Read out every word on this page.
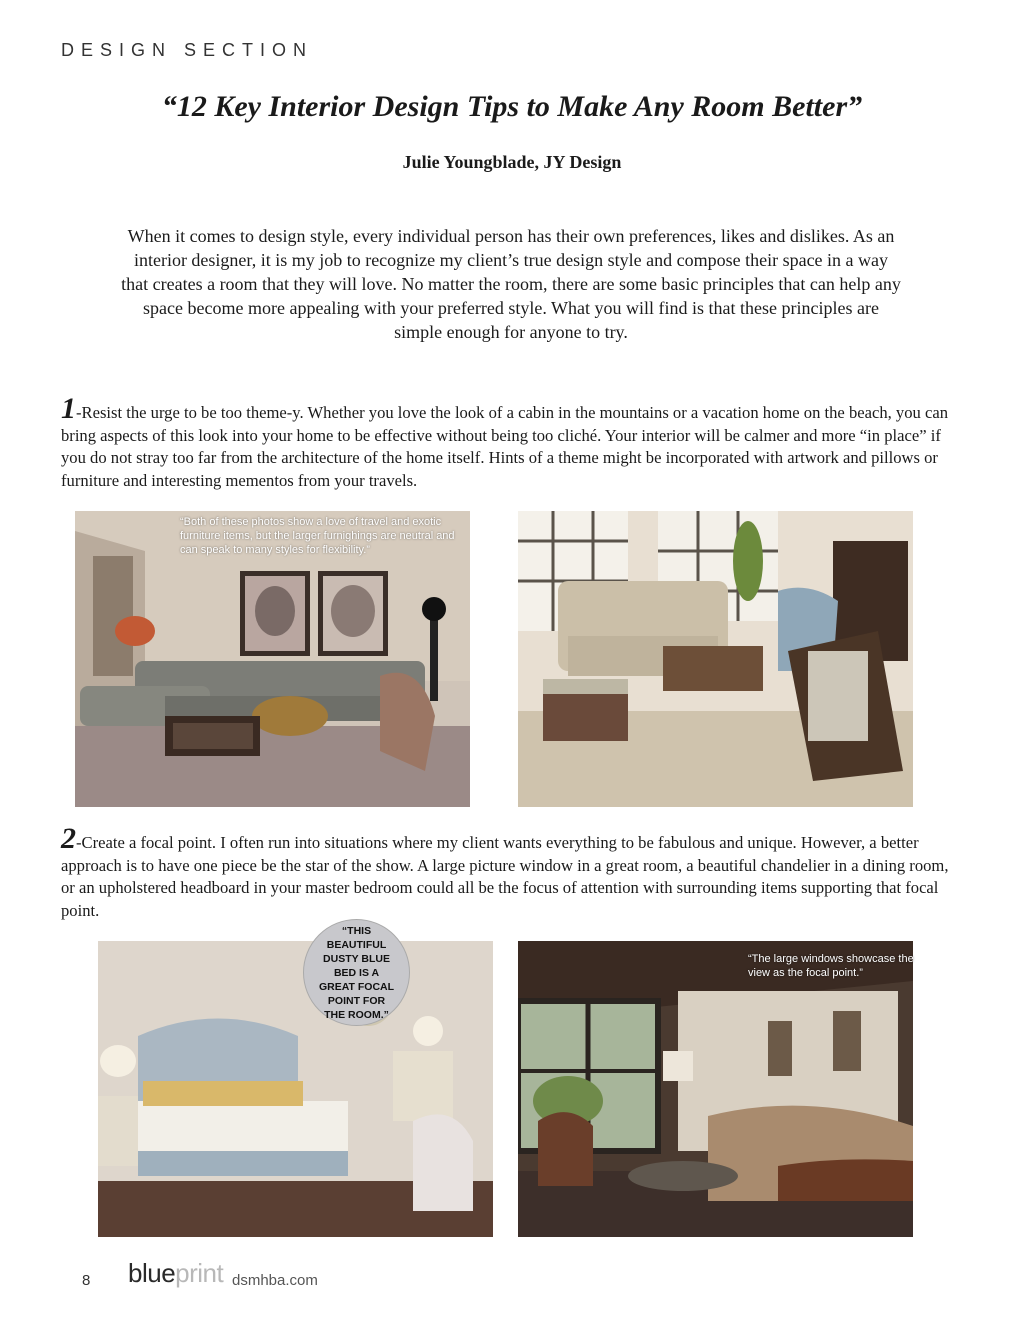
DESIGN SECTION
“12 Key Interior Design Tips to Make Any Room Better”
Julie Youngblade, JY Design

When it comes to design style, every individual person has their own preferences, likes and dislikes. As an interior designer, it is my job to recognize my client’s true design style and compose their space in a way that creates a room that they will love. No matter the room, there are some basic principles that can help any space become more appealing with your preferred style. What you will find is that these principles are simple enough for anyone to try.

1-Resist the urge to be too theme-y. Whether you love the look of a cabin in the mountains or a vacation home on the beach, you can bring aspects of this look into your home to be effective without being too cliché. Your interior will be calmer and more “in place” if you do not stray too far from the architecture of the home itself. Hints of a theme might be incorporated with artwork and pillows or furniture and interesting mementos from your travels.
“Both of these photos show a love of travel and exotic furniture items, but the larger furnighings are neutral and can speak to many styles for flexibility.”
2-Create a focal point. I often run into situations where my client wants everything to be fabulous and unique. However, a better approach is to have one piece be the star of the show. A large picture window in a great room, a beautiful chandelier in a dining room, or an upholstered headboard in your master bedroom could all be the focus of attention with surrounding items supporting that focal point.
“THIS BEAUTIFUL DUSTY BLUE BED IS A GREAT FOCAL POINT FOR THE ROOM.”
“The large windows showcase the view as the focal point.”
8 blueprint dsmhba.com
